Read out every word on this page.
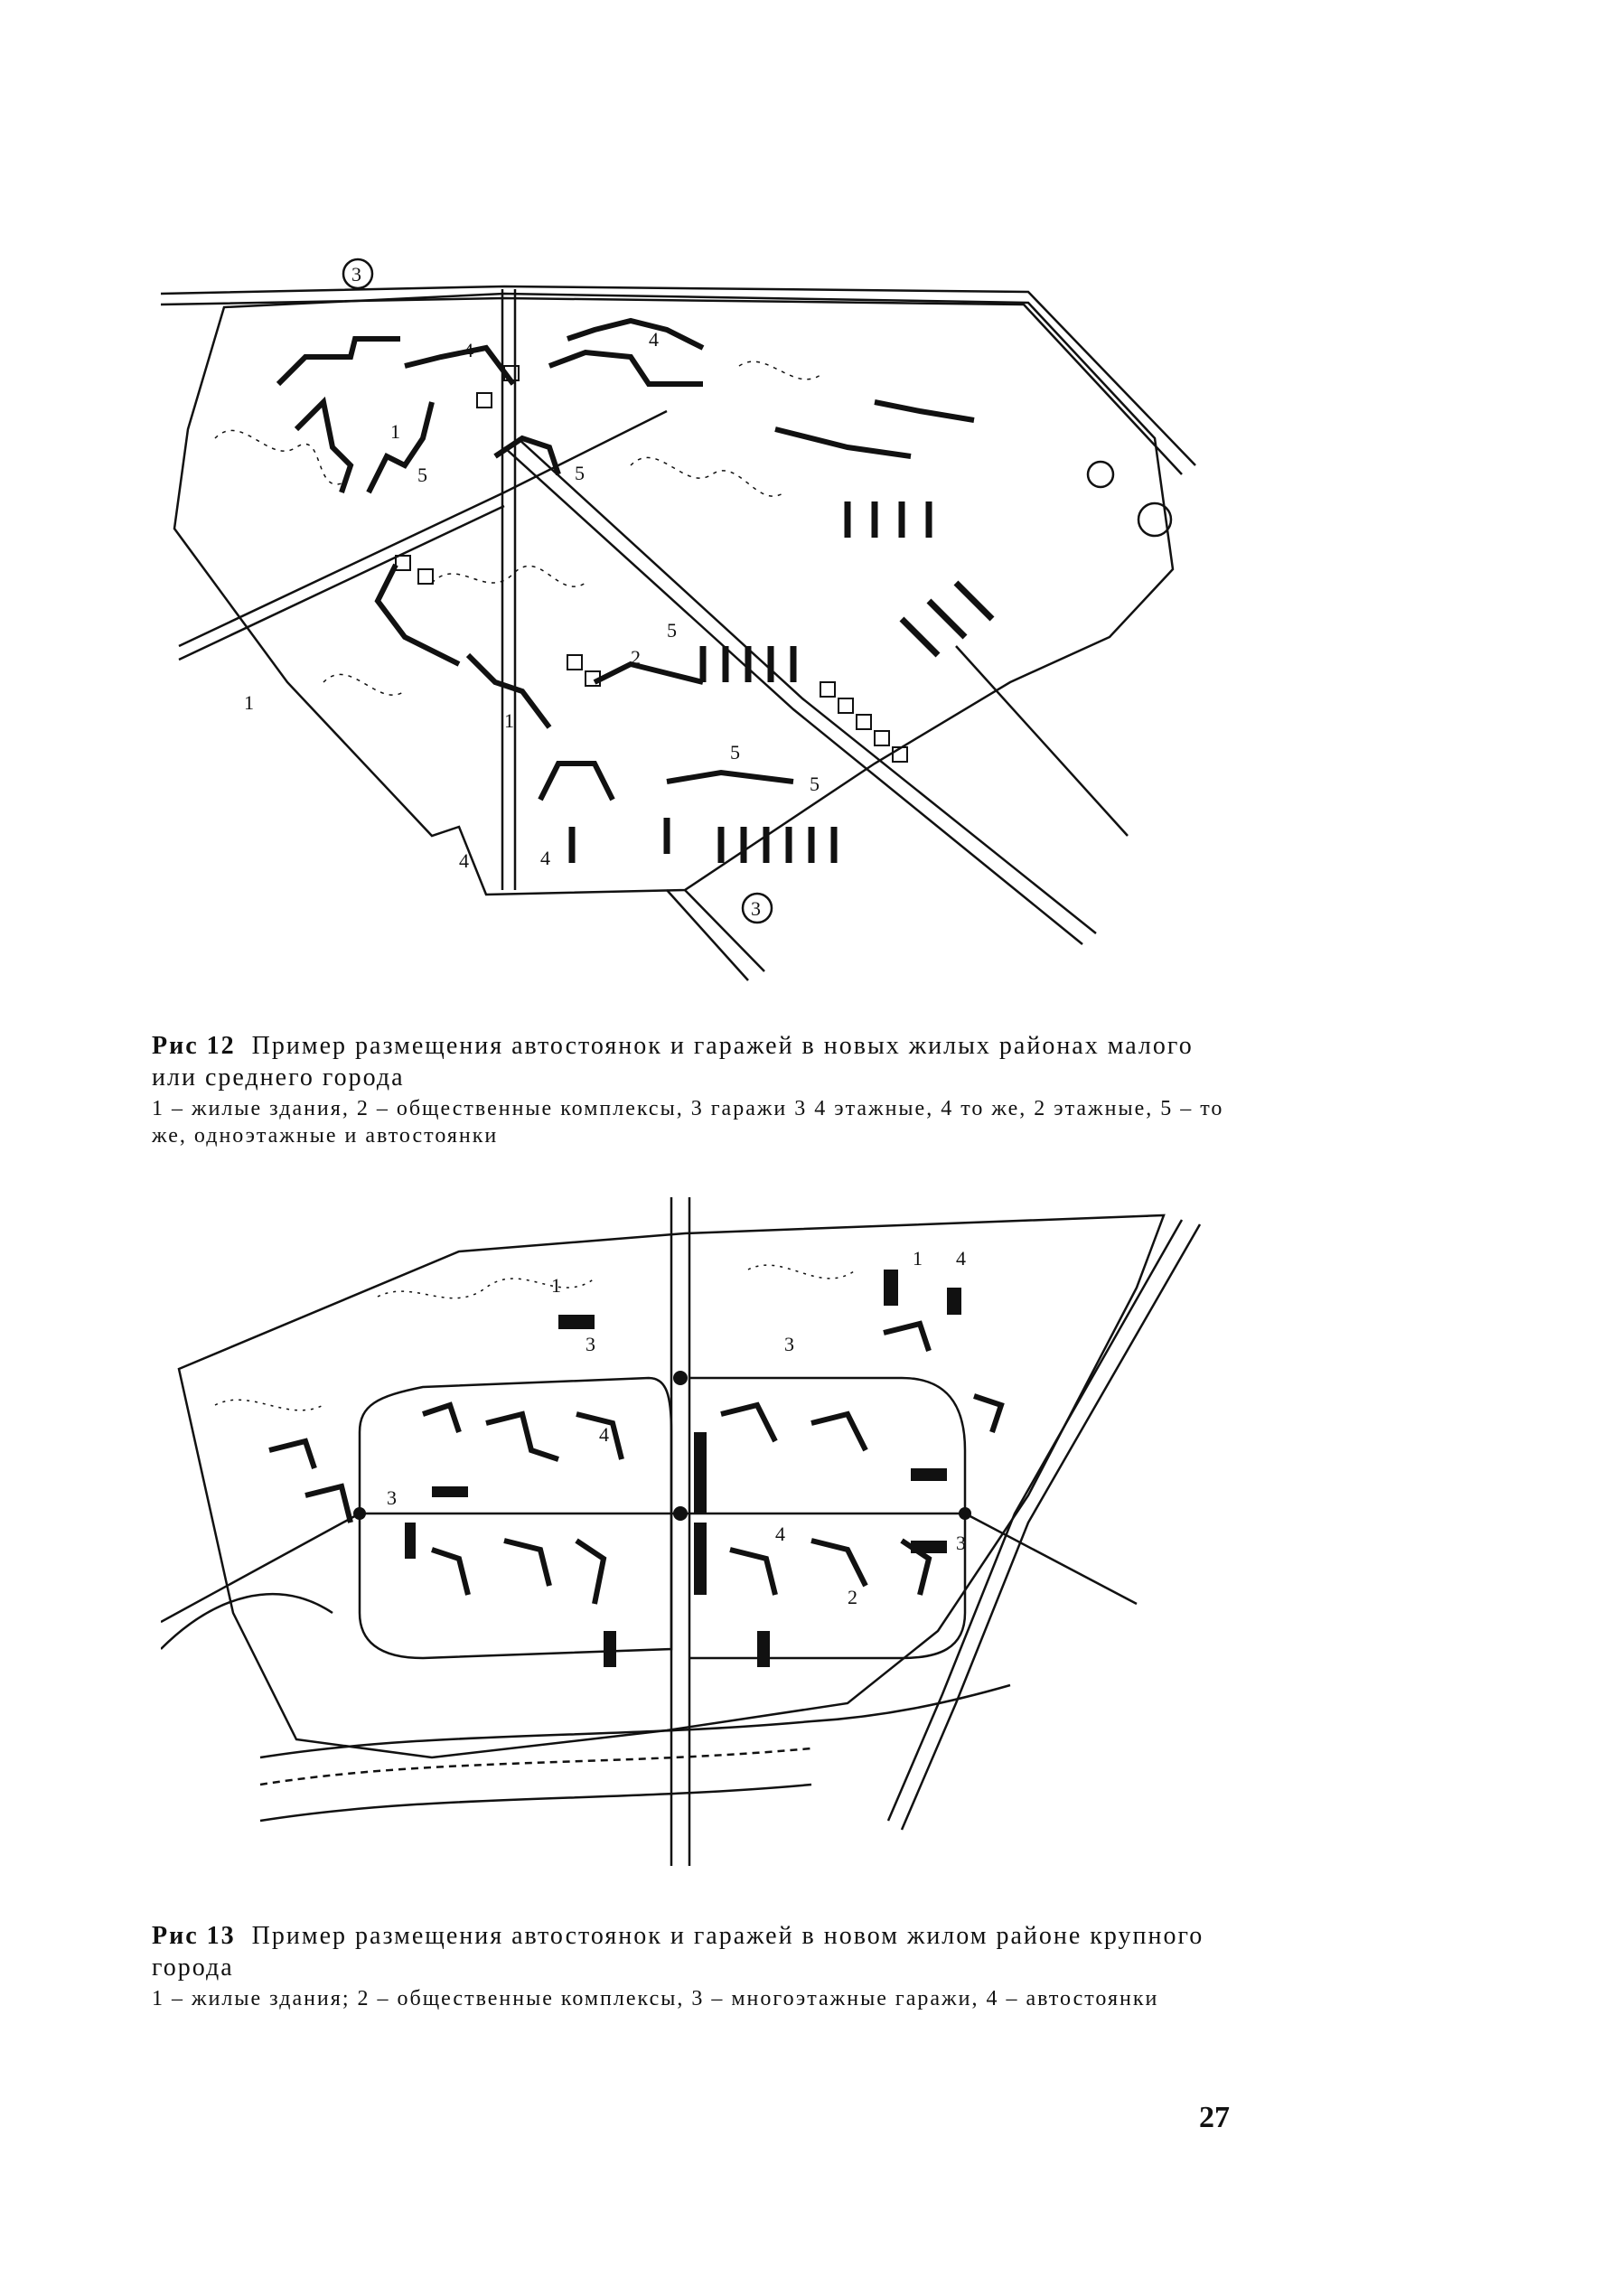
3
3
4
4
4	4
1
1
1
2
5
5
5
5
5
Рис 12 Пример размещения автостоянок и гаражей в новых жилых районах малого или среднего города
1 – жилые здания, 2 – общественные комплексы, 3 гаражи 3 4 этажные, 4 то же, 2 этажные, 5 – то же, одноэтажные и автостоянки
1
1 4
4
4
3	3
3
3
2
Рис 13 Пример размещения автостоянок и гаражей в новом жилом районе крупного города
1 – жилые здания; 2 – общественные комплексы, 3 – многоэтажные гаражи, 4 – автостоянки
27
